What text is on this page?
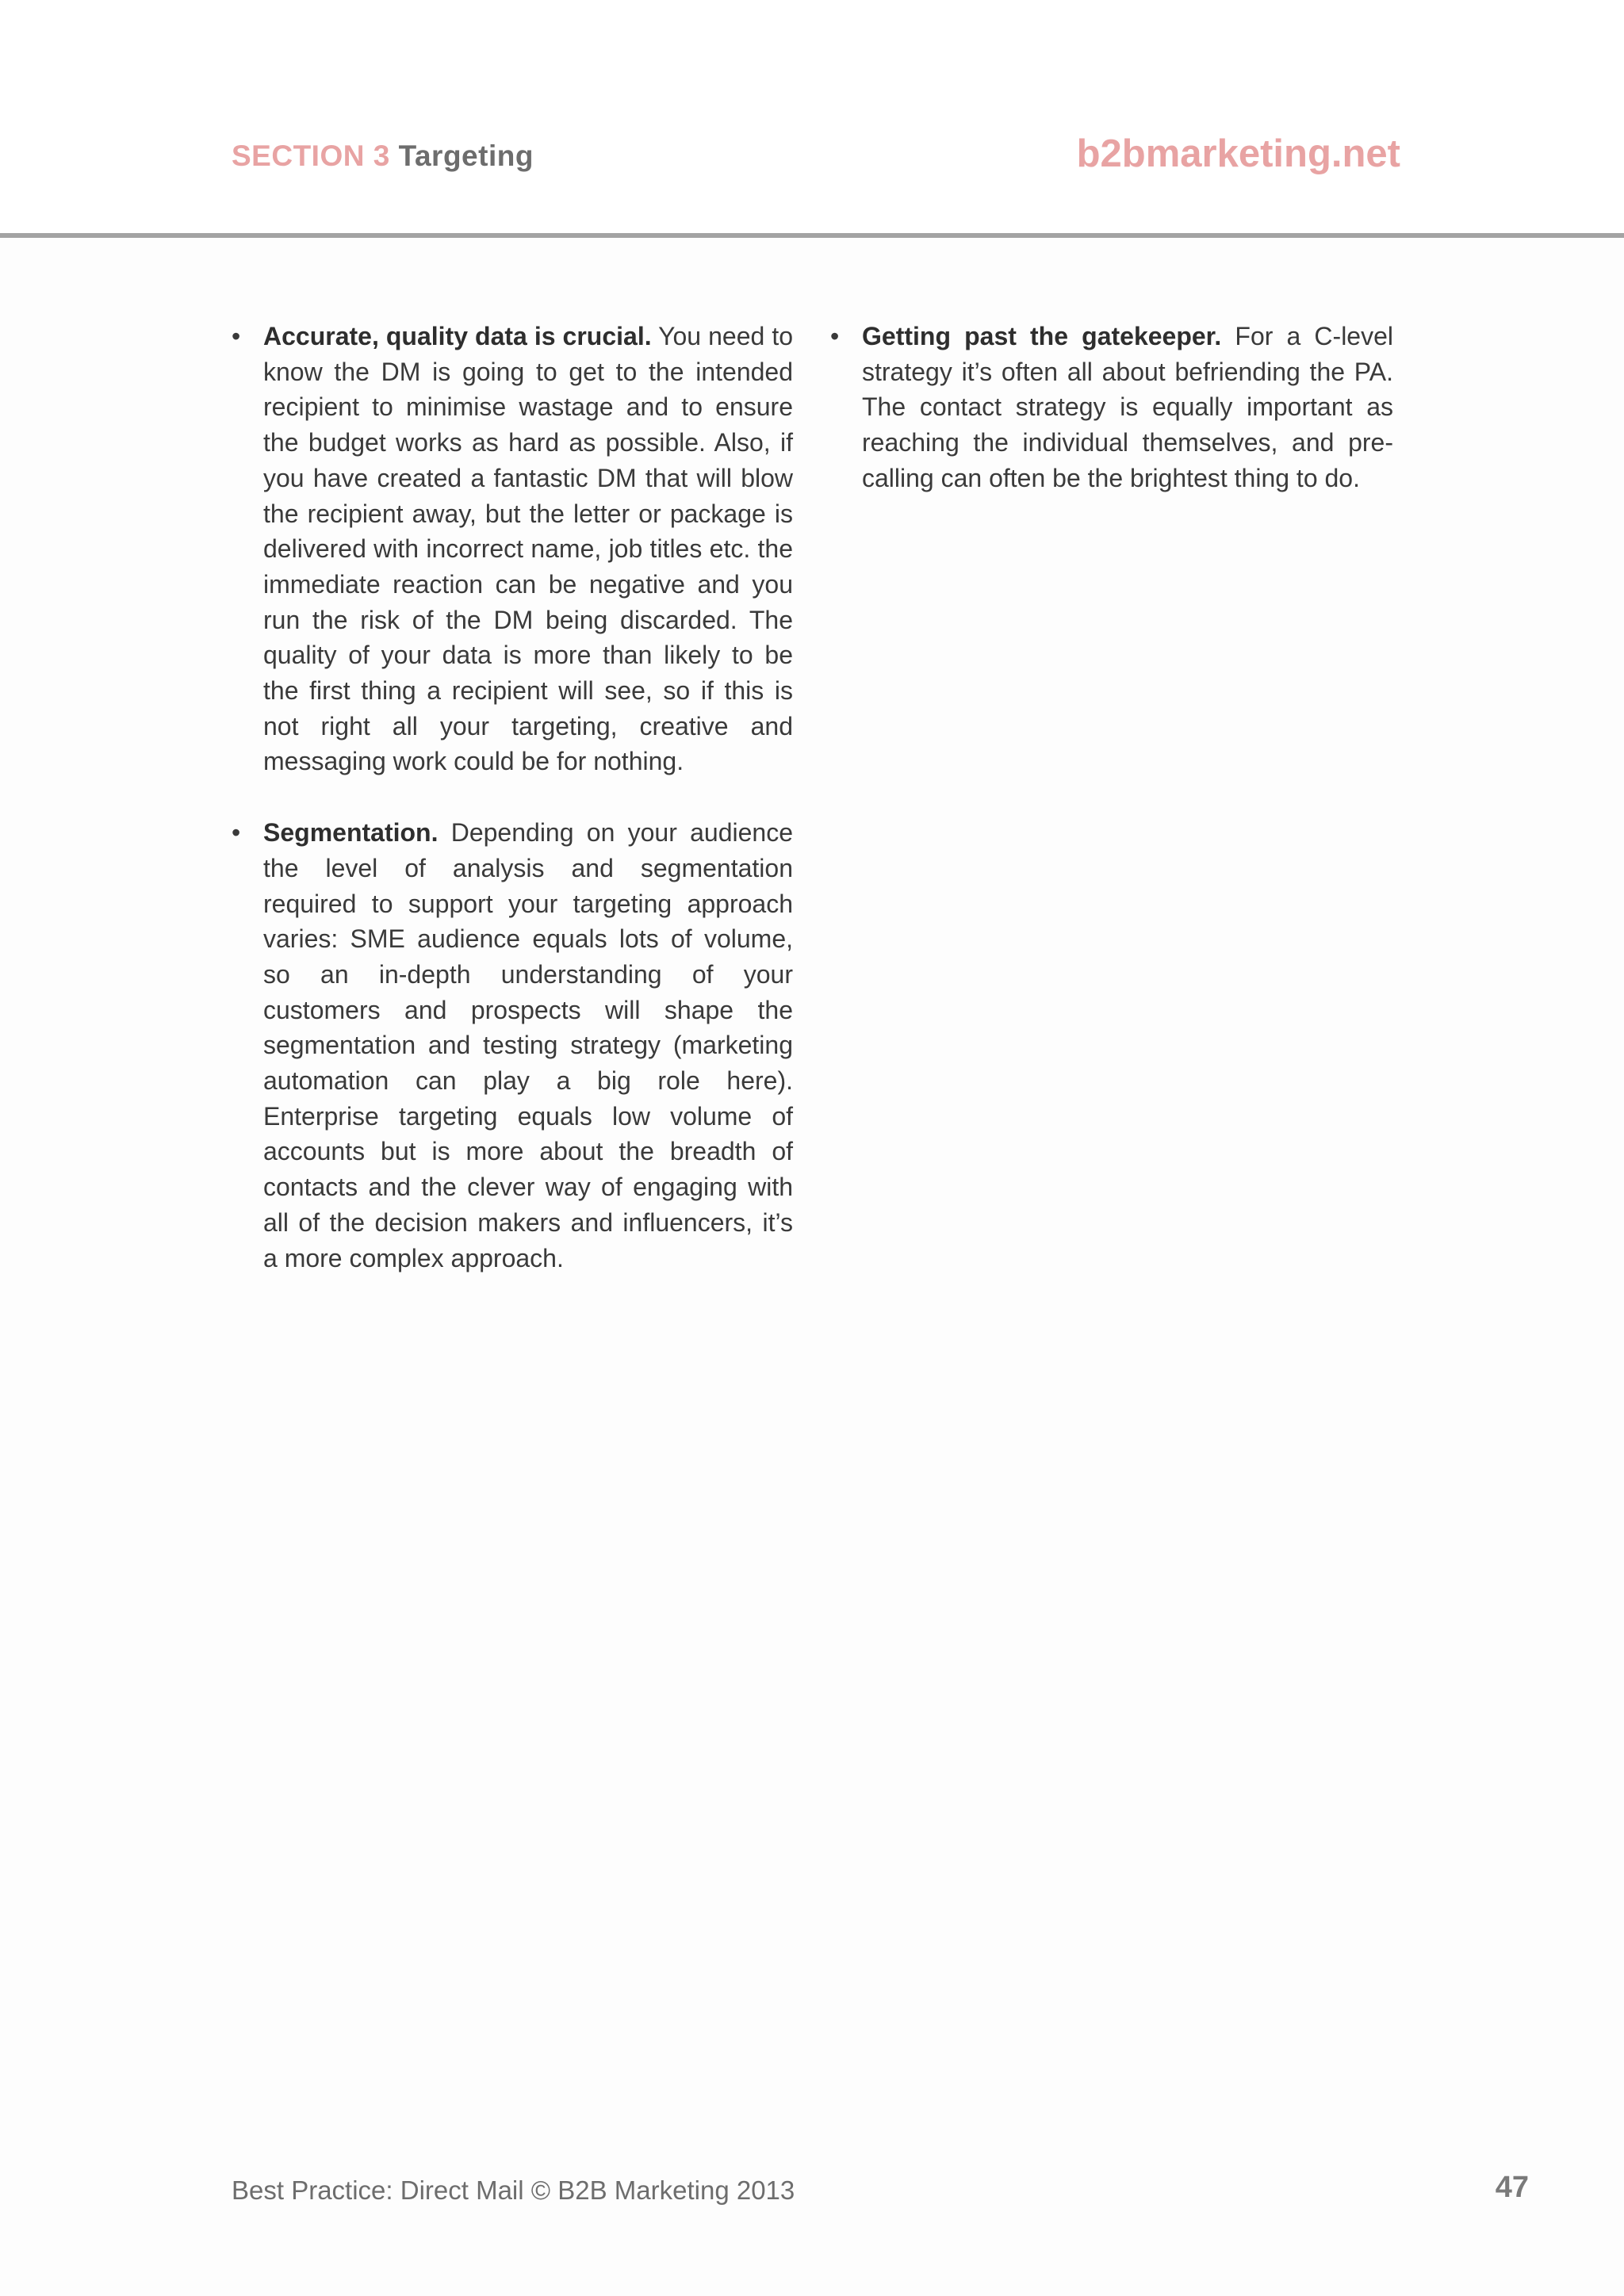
SECTION 3 Targeting	b2bmarketing.net
• Accurate, quality data is crucial. You need to know the DM is going to get to the intended recipient to minimise wastage and to ensure the budget works as hard as possible. Also, if you have created a fantastic DM that will blow the recipient away, but the letter or package is delivered with incorrect name, job titles etc. the immediate reaction can be negative and you run the risk of the DM being discarded. The quality of your data is more than likely to be the first thing a recipient will see, so if this is not right all your targeting, creative and messaging work could be for nothing.

• Segmentation. Depending on your audience the level of analysis and segmentation required to support your targeting approach varies: SME audience equals lots of volume, so an in-depth understanding of your customers and prospects will shape the segmentation and testing strategy (marketing automation can play a big role here). Enterprise targeting equals low volume of accounts but is more about the breadth of contacts and the clever way of engaging with all of the decision makers and influencers, it’s a more complex approach.

• Getting past the gatekeeper. For a C-level strategy it’s often all about befriending the PA. The contact strategy is equally important as reaching the individual themselves, and pre-calling can often be the brightest thing to do.

Best Practice: Direct Mail © B2B Marketing 2013	47
